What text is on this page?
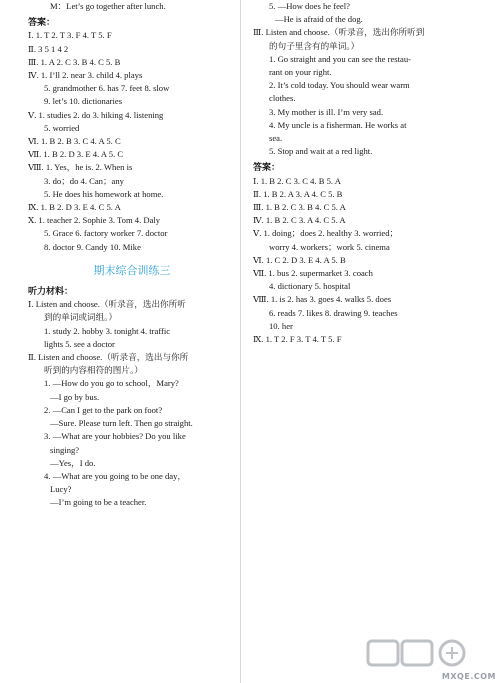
M：Let’s go together after lunch.
答案：
Ⅰ. 1. T 2. T 3. F 4. T 5. F
Ⅱ. 3 5 1 4 2
Ⅲ. 1. A 2. C 3. B 4. C 5. B
Ⅳ. 1. I’ll 2. near 3. child 4. plays
5. grandmother 6. has 7. feet 8. slow
9. let’s 10. dictionaries
Ⅴ. 1. studies 2. do 3. hiking 4. listening
5. worried
Ⅵ. 1. B 2. B 3. C 4. A 5. C
Ⅶ. 1. B 2. D 3. E 4. A 5. C
Ⅷ. 1. Yes，he is. 2. When is
3. do；do 4. Can；any
5. He does his homework at home.
Ⅸ. 1. B 2. D 3. E 4. C 5. A
Ⅹ. 1. teacher 2. Sophie 3. Tom 4. Daly
5. Grace 6. factory worker 7. doctor
8. doctor 9. Candy 10. Mike
期末综合训练三
听力材料：
Ⅰ. Listen and choose.（听录音，选出你所听
到的单词或词组。）
1. study 2. hobby 3. tonight 4. traffic
lights 5. see a doctor
Ⅱ. Listen and choose.（听录音，选出与你所
听到的内容相符的图片。）
1. —How do you go to school，Mary?
—I go by bus.
2. —Can I get to the park on foot?
—Sure. Please turn left. Then go straight.
3. —What are your hobbies? Do you like
singing?
—Yes，I do.
4. —What are you going to be one day，
Lucy?
—I’m going to be a teacher.
5. —How does he feel?
—He is afraid of the dog.
Ⅲ. Listen and choose.（听录音，选出你所听到
的句子里含有的单词。）
1. Go straight and you can see the restau-
rant on your right.
2. It’s cold today. You should wear warm
clothes.
3. My mother is ill. I’m very sad.
4. My uncle is a fisherman. He works at
sea.
5. Stop and wait at a red light.
答案：
Ⅰ. 1. B 2. C 3. C 4. B 5. A
Ⅱ. 1. B 2. A 3. A 4. C 5. B
Ⅲ. 1. B 2. C 3. B 4. C 5. A
Ⅳ. 1. B 2. C 3. A 4. C 5. A
Ⅴ. 1. doing；does 2. healthy 3. worried；
worry 4. workers；work 5. cinema
Ⅵ. 1. C 2. D 3. E 4. A 5. B
Ⅶ. 1. bus 2. supermarket 3. coach
4. dictionary 5. hospital
Ⅷ. 1. is 2. has 3. goes 4. walks 5. does
6. reads 7. likes 8. drawing 9. teaches
10. her
Ⅸ. 1. T 2. F 3. T 4. T 5. F
MXQE.COM
